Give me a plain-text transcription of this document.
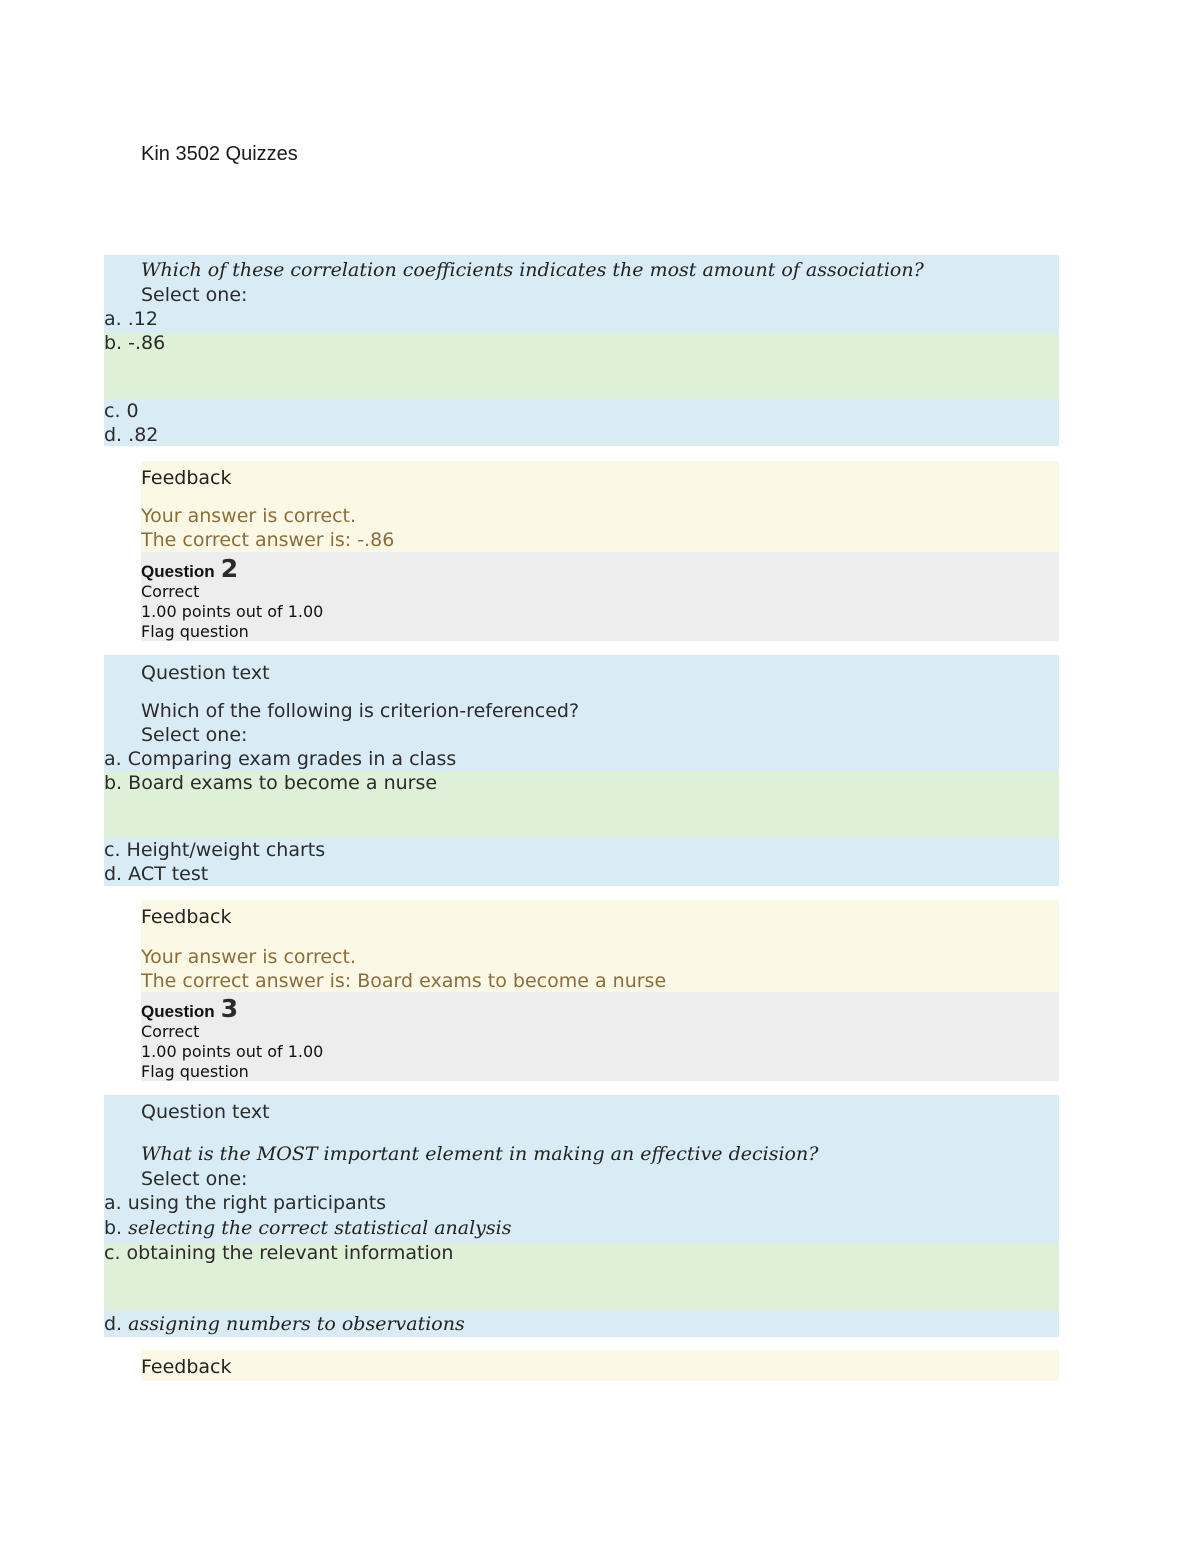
Kin 3502 Quizzes
Which of these correlation coefficients indicates the most amount of association?
Select one:
a. .12
b. -.86
c. 0
d. .82
Feedback
Your answer is correct.
The correct answer is: -.86
Question 2
Correct
1.00 points out of 1.00
Flag question
Question text
Which of the following is criterion-referenced?
Select one:
a. Comparing exam grades in a class
b. Board exams to become a nurse
c. Height/weight charts
d. ACT test
Feedback
Your answer is correct.
The correct answer is: Board exams to become a nurse
Question 3
Correct
1.00 points out of 1.00
Flag question
Question text
What is the MOST important element in making an effective decision?
Select one:
a. using the right participants
b. selecting the correct statistical analysis
c. obtaining the relevant information
d. assigning numbers to observations
Feedback
